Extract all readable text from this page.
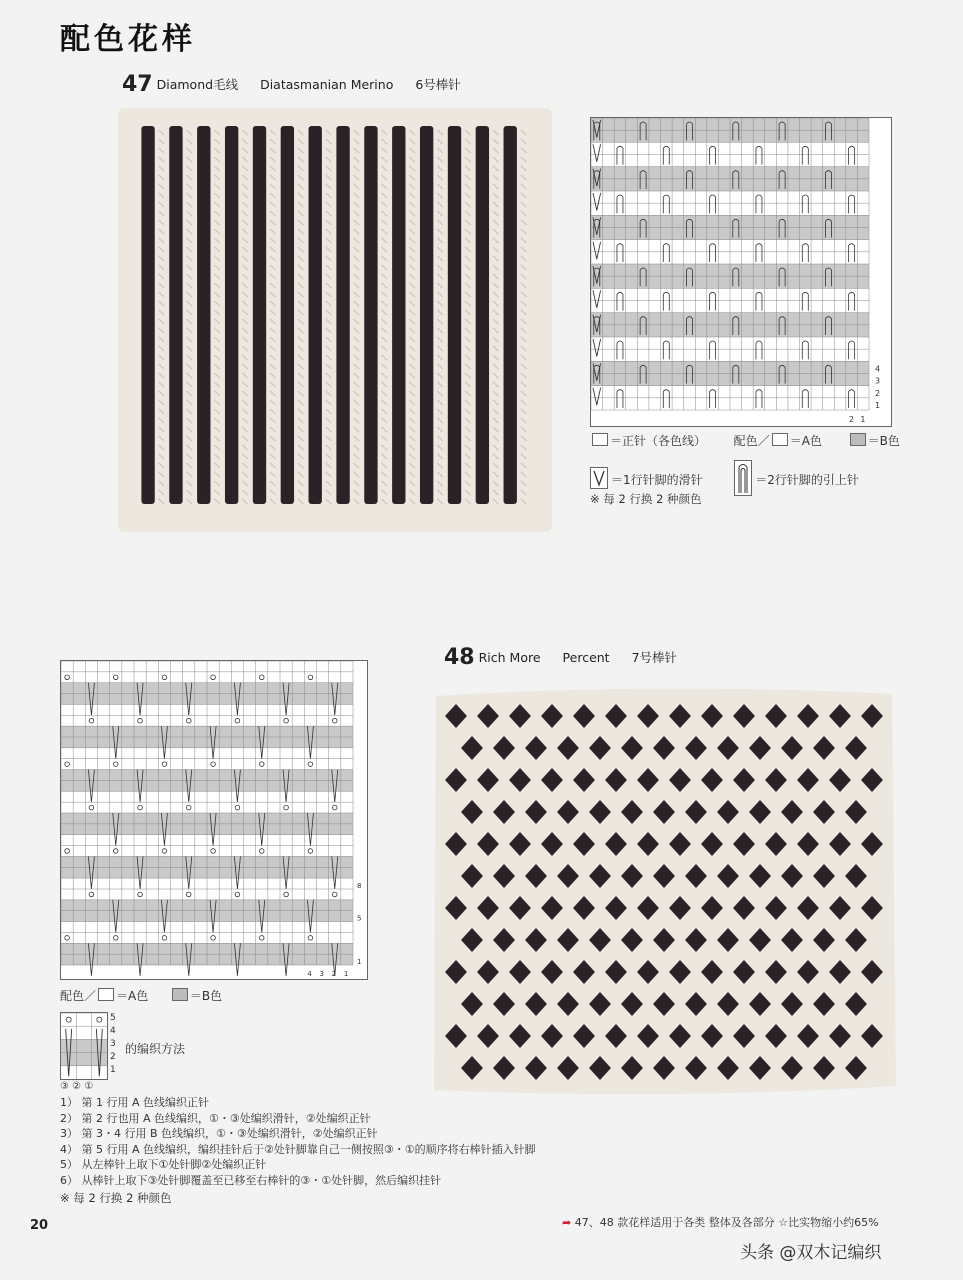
配色花样
47 Diamond毛线 Diatasmanian Merino 6号棒针
4
3
2
1
2 1
＝正针（各色线） 配色／ ＝A色	＝B色
＝1行针脚的滑针	＝2行针脚的引上针
※ 每 2 行换 2 种颜色
48 Rich More Percent 7号棒针
8
5
1
4 3 2 1
配色／ ＝A色	＝B色
5
4
3
2
1
③ ② ①
的编织方法
1） 第 1 行用 A 色线编织正针
2） 第 2 行也用 A 色线编织，①・③处编织滑针，②处编织正针
3） 第 3・4 行用 B 色线编织，①・③处编织滑针，②处编织正针
4） 第 5 行用 A 色线编织，编织挂针后于②处针脚靠自己一侧按照③・①的顺序将右棒针插入针脚
5） 从左棒针上取下①处针脚②处编织正针
6） 从棒针上取下③处针脚覆盖至已移至右棒针的③・①处针脚，然后编织挂针
※ 每 2 行换 2 种颜色
20	➦ 47、48 款花样适用于各类 整体及各部分 ☆比实物缩小约65%
头条 @双木记编织
